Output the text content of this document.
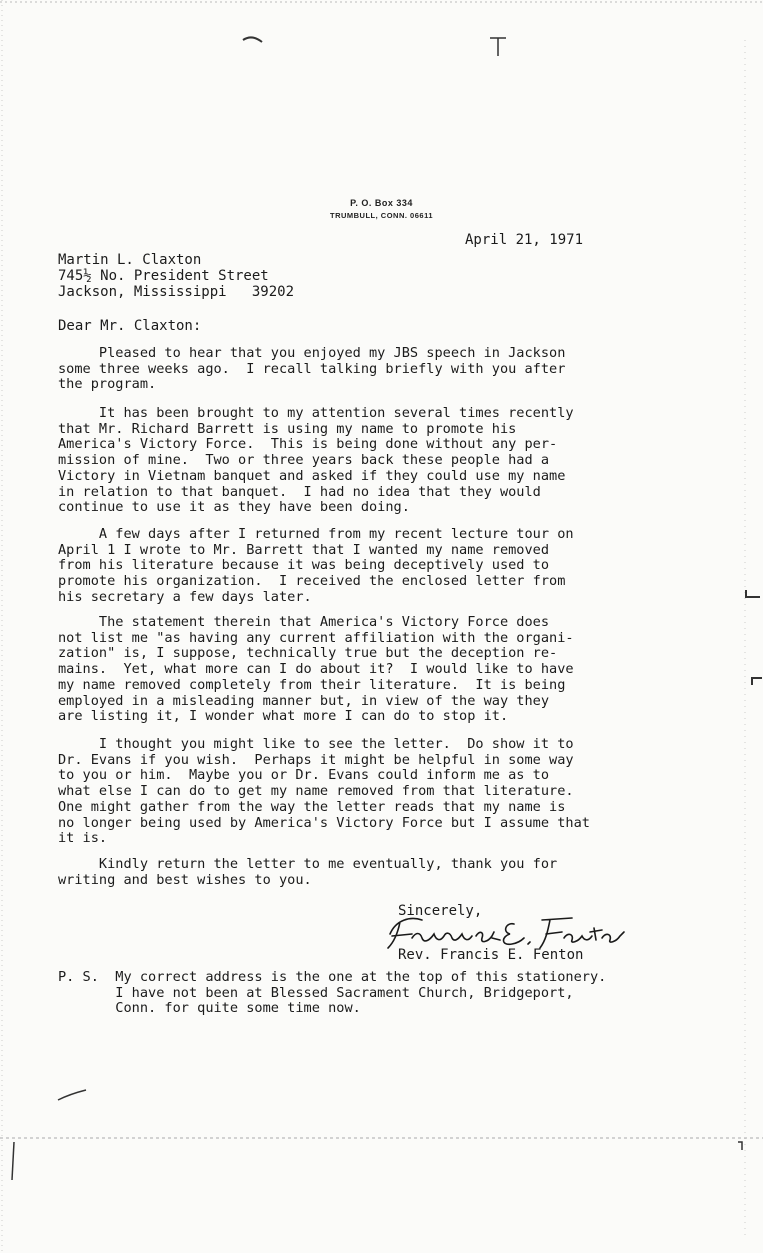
P. O. Box 334
TRUMBULL, CONN. 06611
April 21, 1971
Martin L. Claxton
745½ No. President Street
Jackson, Mississippi   39202
Dear Mr. Claxton:
Pleased to hear that you enjoyed my JBS speech in Jackson
some three weeks ago.  I recall talking briefly with you after
the program.
It has been brought to my attention several times recently
that Mr. Richard Barrett is using my name to promote his
America's Victory Force.  This is being done without any per-
mission of mine.  Two or three years back these people had a
Victory in Vietnam banquet and asked if they could use my name
in relation to that banquet.  I had no idea that they would
continue to use it as they have been doing.
A few days after I returned from my recent lecture tour on
April 1 I wrote to Mr. Barrett that I wanted my name removed
from his literature because it was being deceptively used to
promote his organization.  I received the enclosed letter from
his secretary a few days later.
The statement therein that America's Victory Force does
not list me "as having any current affiliation with the organi-
zation" is, I suppose, technically true but the deception re-
mains.  Yet, what more can I do about it?  I would like to have
my name removed completely from their literature.  It is being
employed in a misleading manner but, in view of the way they
are listing it, I wonder what more I can do to stop it.
I thought you might like to see the letter.  Do show it to
Dr. Evans if you wish.  Perhaps it might be helpful in some way
to you or him.  Maybe you or Dr. Evans could inform me as to
what else I can do to get my name removed from that literature.
One might gather from the way the letter reads that my name is
no longer being used by America's Victory Force but I assume that
it is.
Kindly return the letter to me eventually, thank you for
writing and best wishes to you.
Sincerely,
Rev. Francis E. Fenton
P. S.  My correct address is the one at the top of this stationery.
I have not been at Blessed Sacrament Church, Bridgeport,
Conn. for quite some time now.
